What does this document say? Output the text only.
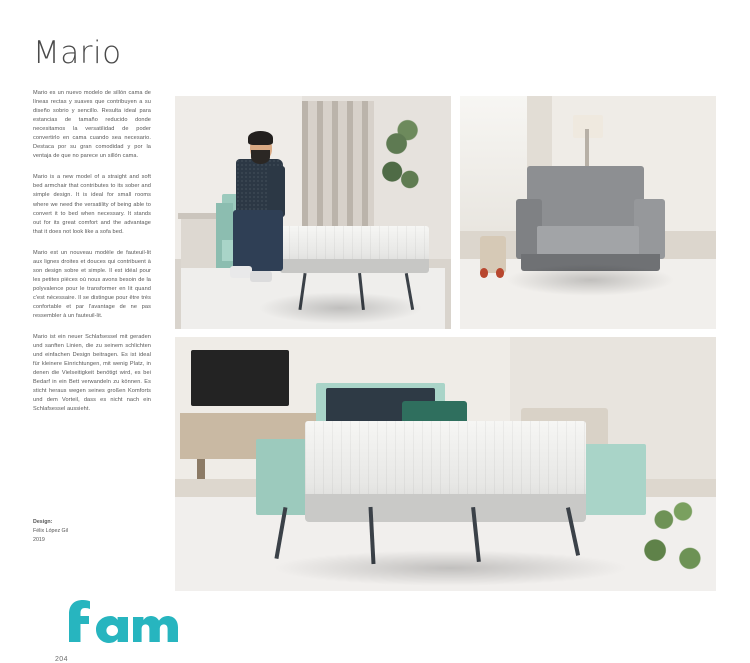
Mario

Mario es un nuevo modelo de sillón cama de líneas rectas y suaves que contribuyen a su diseño sobrio y sencillo. Resulta ideal para estancias de tamaño reducido donde necesitamos la versatilidad de poder convertirlo en cama cuando sea necesario. Destaca por su gran comodidad y por la ventaja de que no parece un sillón cama.

Mario is a new model of a straight and soft bed armchair that contributes to its sober and simple design. It is ideal for small rooms where we need the versatility of being able to convert it to bed when necessary. It stands out for its great comfort and the advantage that it does not look like a sofa bed.

Mario est un nouveau modèle de fauteuil-lit aux lignes droites et douces qui contribuent à son design sobre et simple. Il est idéal pour les petites pièces où nous avons besoin de la polyvalence pour le transformer en lit quand c'est nécessaire. Il se distingue pour être très confortable et par l'avantage de ne pas ressembler à un fauteuil-lit.

Mario ist ein neuer Schlafsessel mit geraden und sanften Linien, die zu seinem schlichten und einfachen Design beitragen. Es ist ideal für kleinere Einrichtungen, mit wenig Platz, in denen die Vielseitigkeit benötigt wird, es bei Bedarf in ein Bett verwandeln zu können. Es sticht heraus wegen seines großen Komforts und dem Vorteil, dass es nicht nach ein Schlafsessel aussieht.

Design:
Félix López Gil
2019
204
